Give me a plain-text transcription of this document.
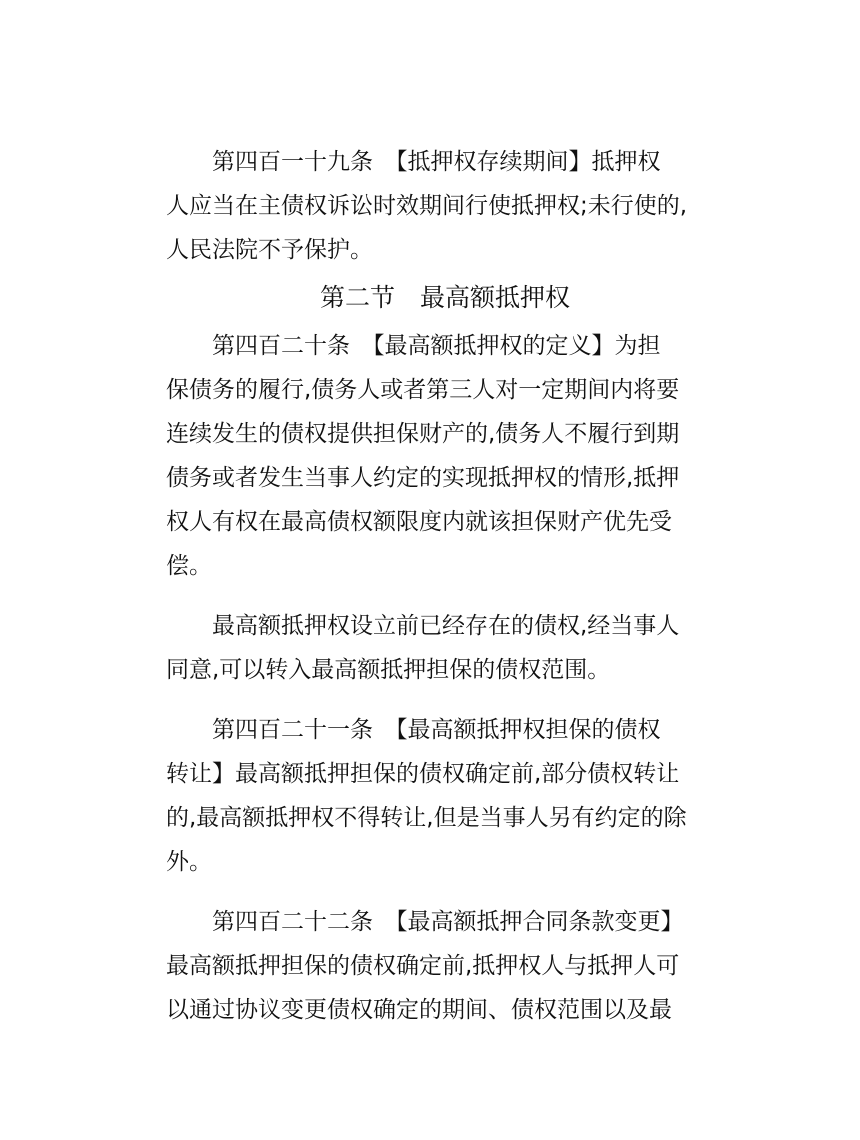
第四百一十九条　【抵押权存续期间】抵押权
人应当在主债权诉讼时效期间行使抵押权;未行使的,
人民法院不予保护。
第二节　最高额抵押权
第四百二十条　【最高额抵押权的定义】为担
保债务的履行,债务人或者第三人对一定期间内将要
连续发生的债权提供担保财产的,债务人不履行到期
债务或者发生当事人约定的实现抵押权的情形,抵押
权人有权在最高债权额限度内就该担保财产优先受
偿。
最高额抵押权设立前已经存在的债权,经当事人
同意,可以转入最高额抵押担保的债权范围。
第四百二十一条　【最高额抵押权担保的债权
转让】最高额抵押担保的债权确定前,部分债权转让
的,最高额抵押权不得转让,但是当事人另有约定的除
外。
第四百二十二条　【最高额抵押合同条款变更】
最高额抵押担保的债权确定前,抵押权人与抵押人可
以通过协议变更债权确定的期间、债权范围以及最
